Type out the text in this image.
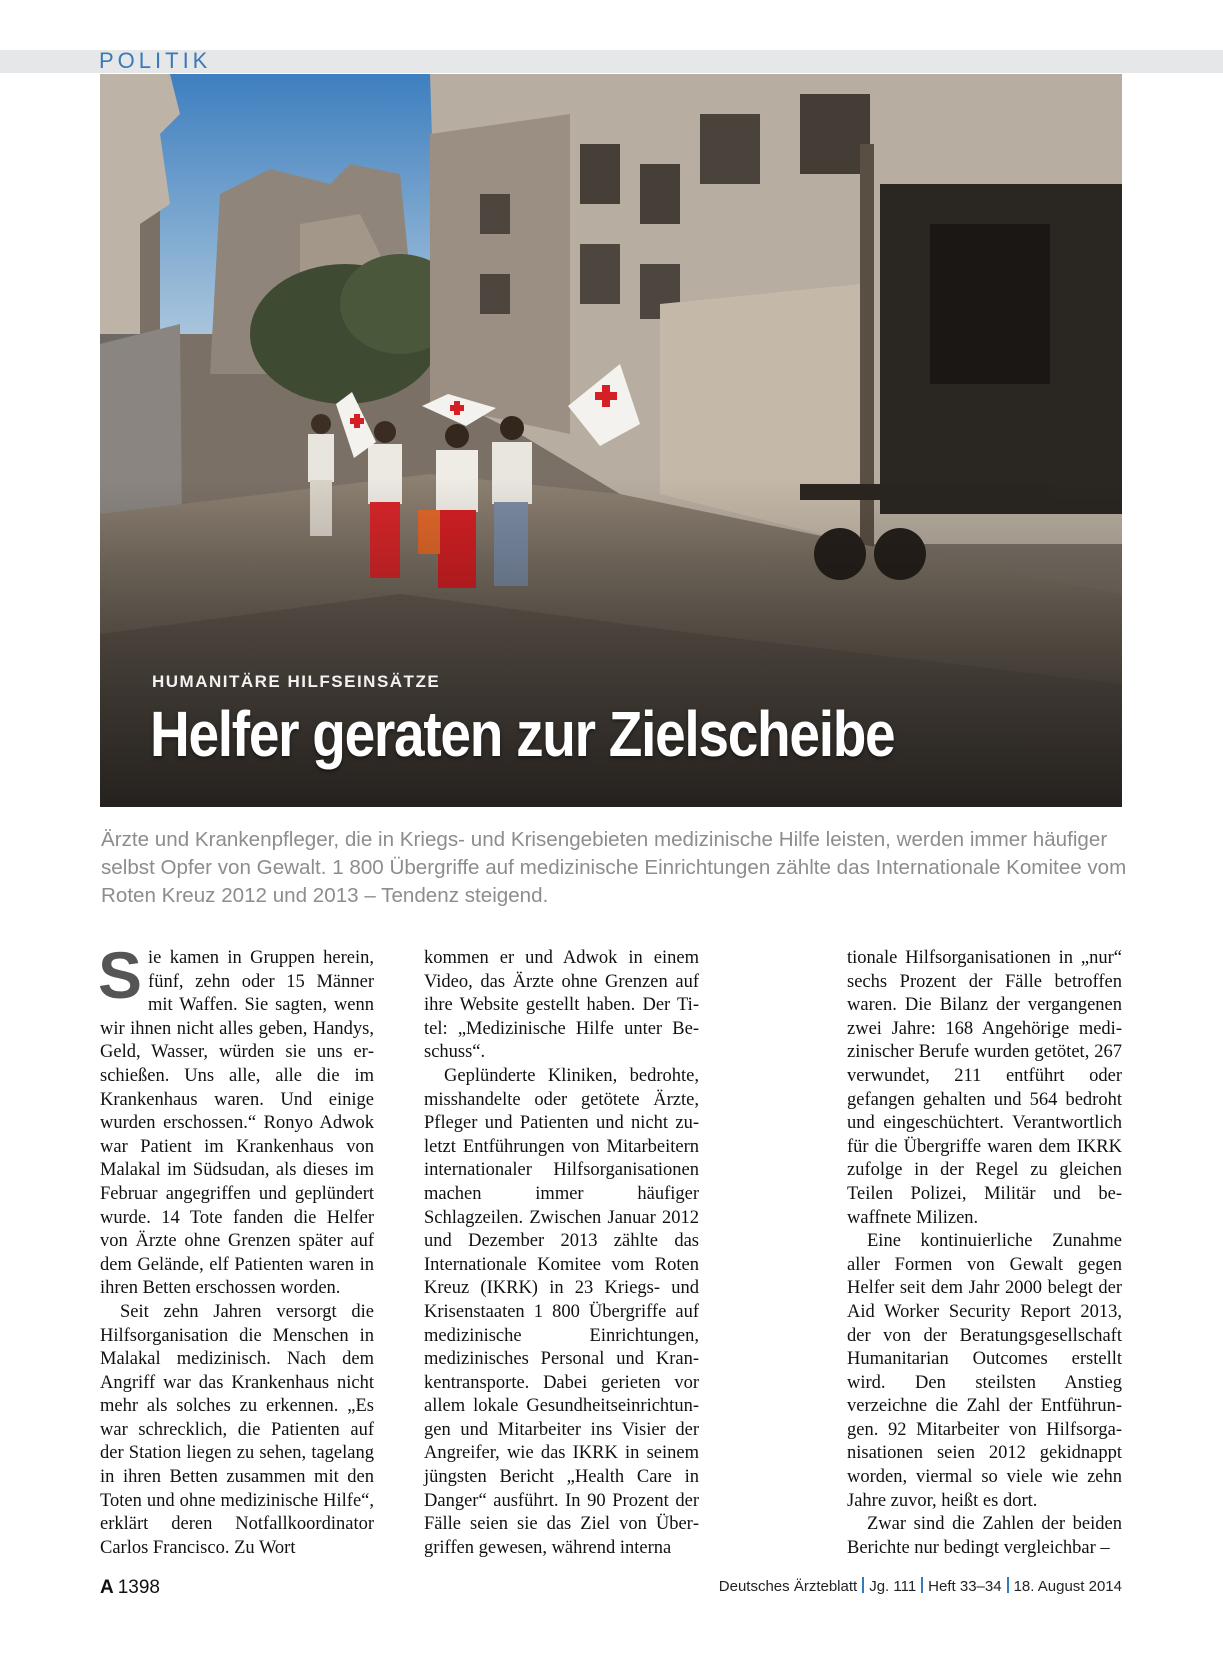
POLITIK
HUMANITÄRE HILFSEINSÄTZE
Helfer geraten zur Zielscheibe
Ärzte und Krankenpfleger, die in Kriegs- und Krisengebieten medizinische Hilfe leisten, werden immer häufiger selbst Opfer von Gewalt. 1 800 Übergriffe auf medizinische Einrichtungen zählte das Internationale Komitee vom Roten Kreuz 2012 und 2013 – Tendenz steigend.

Sie kamen in Gruppen herein, fünf, zehn oder 15 Männer mit Waffen. Sie sagten, wenn wir ihnen nicht alles geben, Handys, Geld, Wasser, würden sie uns erschießen. Uns alle, alle die im Krankenhaus waren. Und einige wurden erschossen.“ Ronyo Adwok war Patient im Krankenhaus von Malakal im Südsudan, als dieses im Februar angegriffen und geplündert wurde. 14 Tote fanden die Helfer von Ärzte ohne Grenzen später auf dem Gelände, elf Patienten waren in ihren Betten erschossen worden.

Seit zehn Jahren versorgt die Hilfsorganisation die Menschen in Malakal medizinisch. Nach dem Angriff war das Krankenhaus nicht mehr als solches zu erkennen. „Es war schrecklich, die Patienten auf der Station liegen zu sehen, tagelang in ihren Betten zusammen mit den Toten und ohne medizinische Hilfe“, erklärt deren Notfallkoordinator Carlos Francisco. Zu Wort

kommen er und Adwok in einem Video, das Ärzte ohne Grenzen auf ihre Website gestellt haben. Der Titel: „Medizinische Hilfe unter Beschuss“.

Geplünderte Kliniken, bedrohte, misshandelte oder getötete Ärzte, Pfleger und Patienten und nicht zuletzt Entführungen von Mitarbeitern internationaler Hilfsorganisationen machen immer häufiger Schlagzeilen. Zwischen Januar 2012 und Dezember 2013 zählte das Internationale Komitee vom Roten Kreuz (IKRK) in 23 Kriegs- und Krisenstaaten 1 800 Übergriffe auf medizinische Einrichtungen, medizinisches Personal und Krankentransporte. Dabei gerieten vor allem lokale Gesundheitseinrichtungen und Mitarbeiter ins Visier der Angreifer, wie das IKRK in seinem jüngsten Bericht „Health Care in Danger“ ausführt. In 90 Prozent der Fälle seien sie das Ziel von Übergriffen gewesen, während interna

tionale Hilfsorganisationen in „nur“ sechs Prozent der Fälle betroffen waren. Die Bilanz der vergangenen zwei Jahre: 168 Angehörige medizinischer Berufe wurden getötet, 267 verwundet, 211 entführt oder gefangen gehalten und 564 bedroht und eingeschüchtert. Verantwortlich für die Übergriffe waren dem IKRK zufolge in der Regel zu gleichen Teilen Polizei, Militär und bewaffnete Milizen.

Eine kontinuierliche Zunahme aller Formen von Gewalt gegen Helfer seit dem Jahr 2000 belegt der Aid Worker Security Report 2013, der von der Beratungsgesellschaft Humanitarian Outcomes erstellt wird. Den steilsten Anstieg verzeichne die Zahl der Entführungen. 92 Mitarbeiter von Hilfsorganisationen seien 2012 gekidnappt worden, viermal so viele wie zehn Jahre zuvor, heißt es dort.

Zwar sind die Zahlen der beiden Berichte nur bedingt vergleichbar –

A 1398	Deutsches Ärzteblatt Jg. 111 Heft 33–34 18. August 2014
